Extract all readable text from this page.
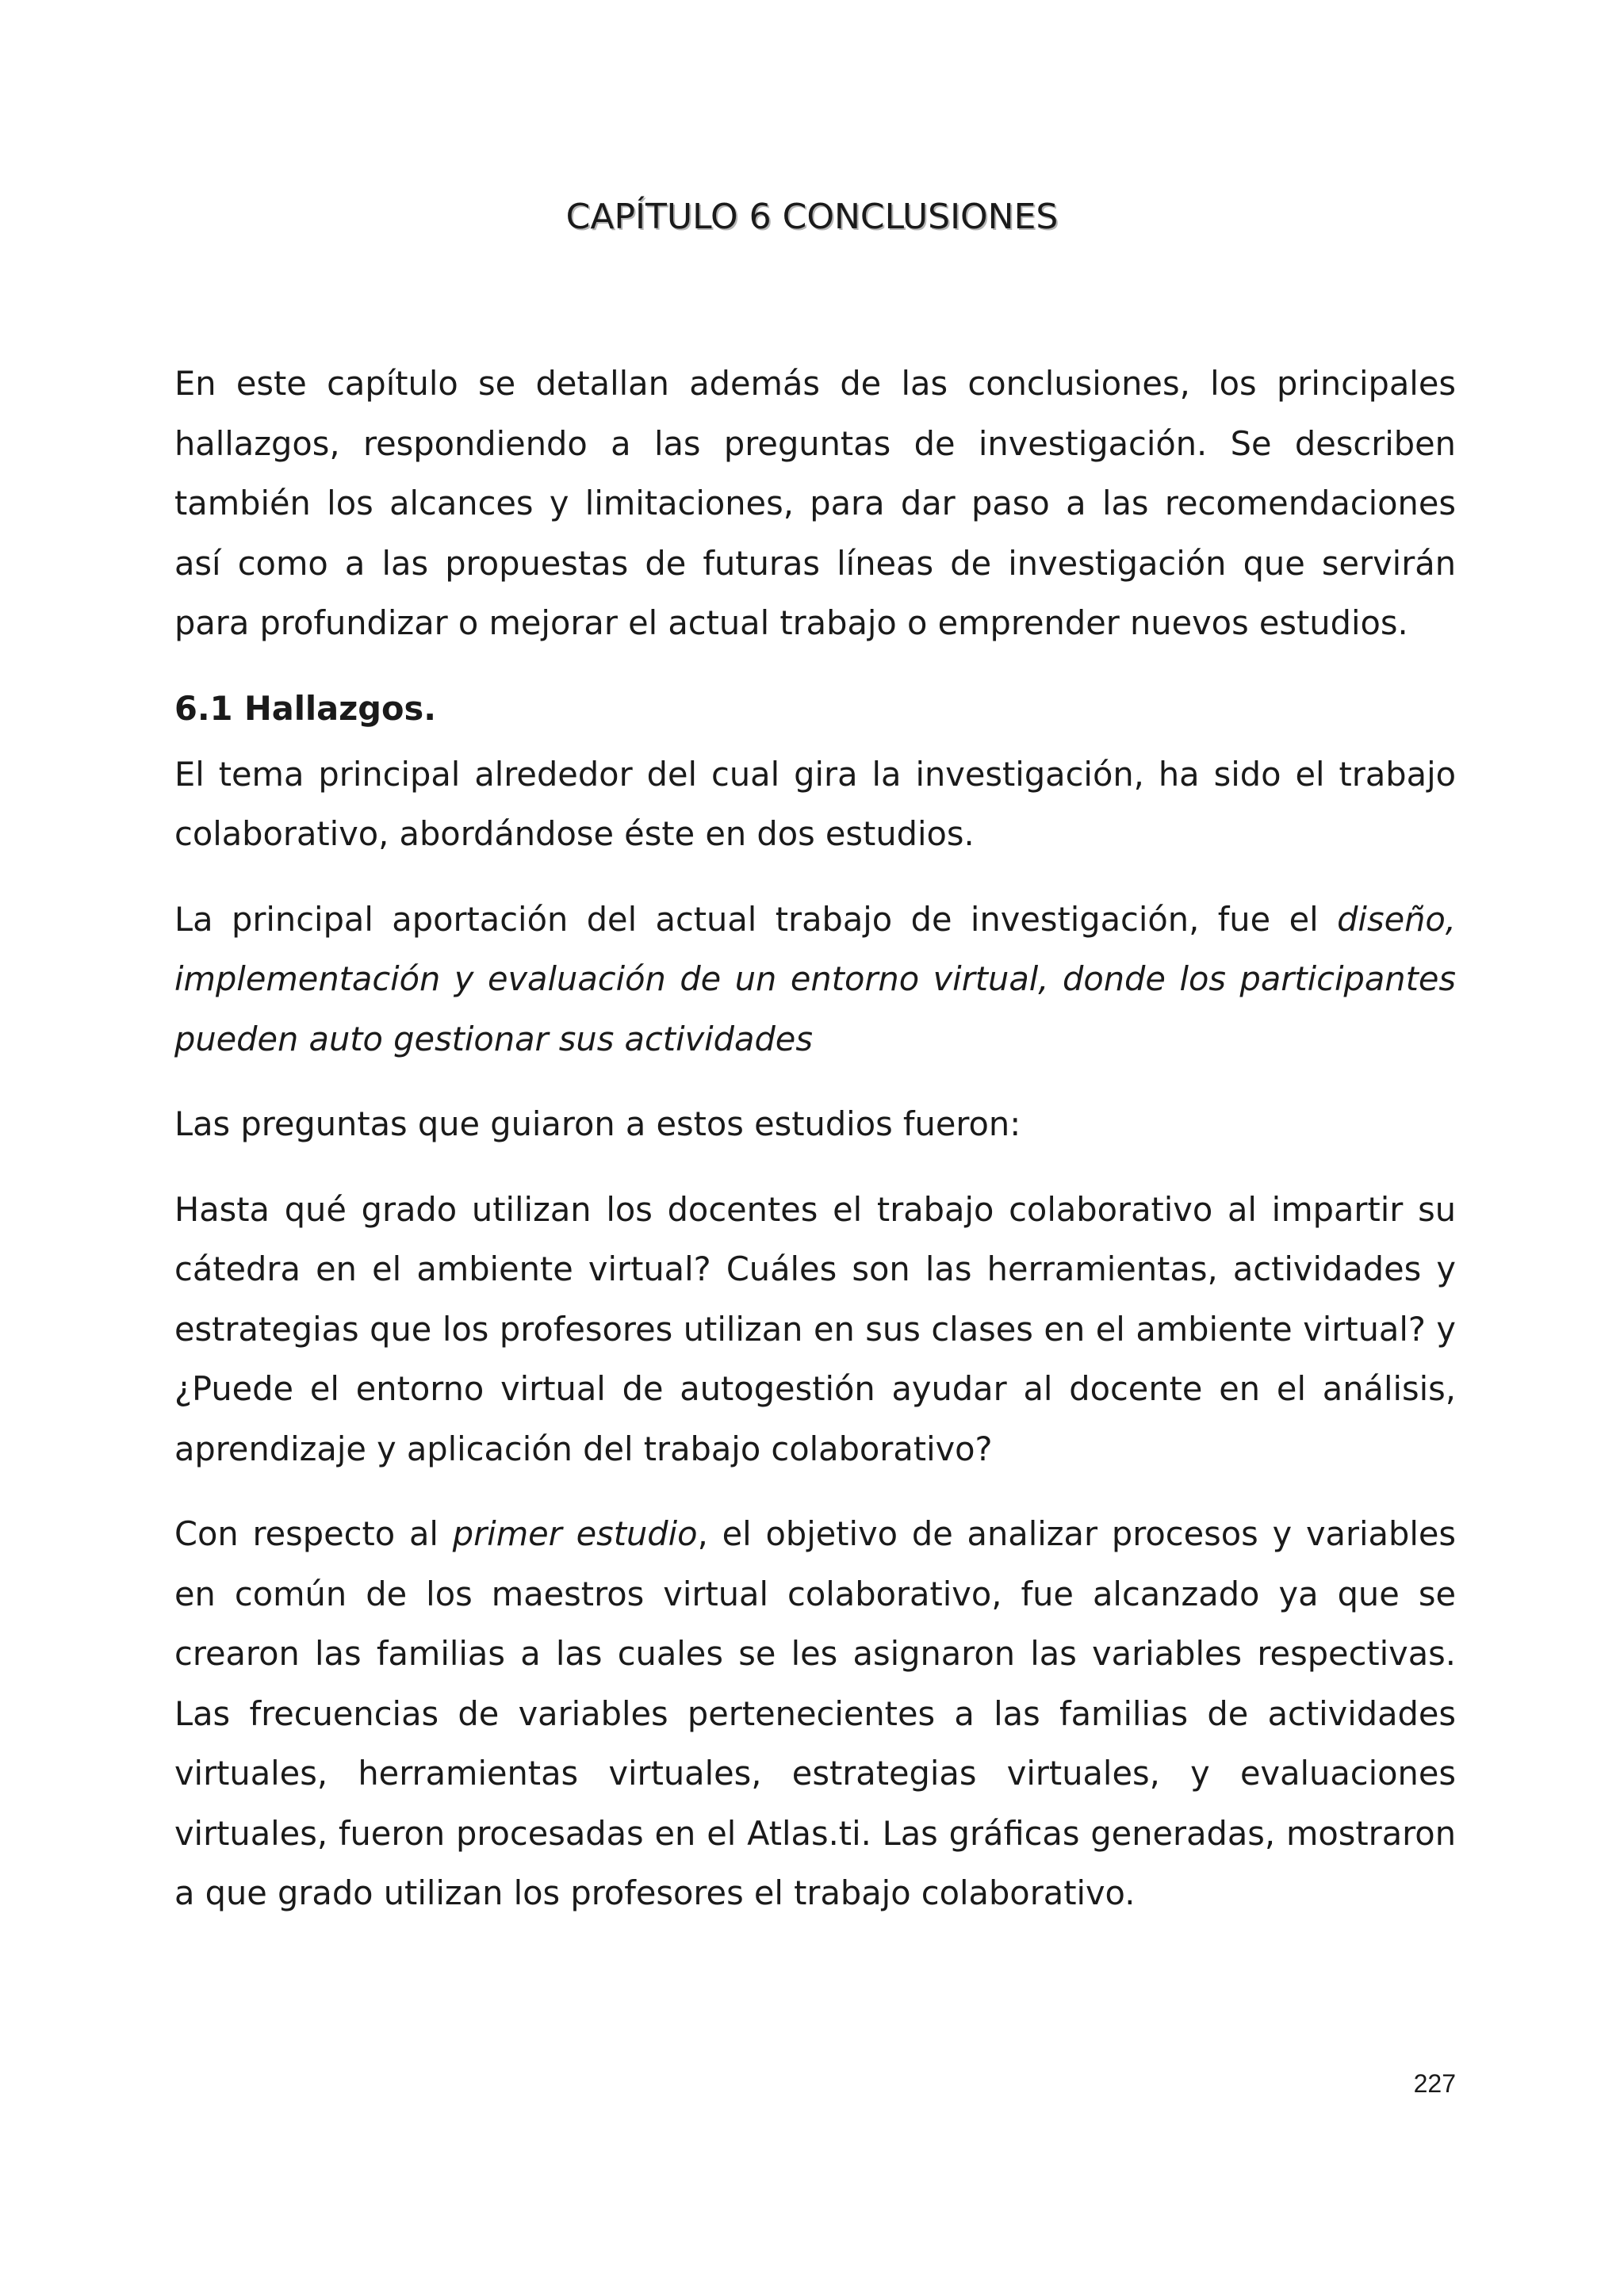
CAPÍTULO 6 CONCLUSIONES

En este capítulo se detallan además de las conclusiones, los principales hallazgos, respondiendo a las preguntas de investigación. Se describen también los alcances y limitaciones, para dar paso a las recomendaciones así como a las propuestas de futuras líneas de investigación que servirán para profundizar o mejorar el actual trabajo o emprender nuevos estudios.

6.1 Hallazgos.

El tema principal alrededor del cual gira la investigación, ha sido el trabajo colaborativo, abordándose éste en dos estudios.

La principal aportación del actual trabajo de investigación, fue el diseño, implementación y evaluación de un entorno virtual, donde los participantes pueden auto gestionar sus actividades

Las preguntas que guiaron a estos estudios fueron:

Hasta qué grado utilizan los docentes el trabajo colaborativo al impartir su cátedra en el ambiente virtual? Cuáles son las herramientas, actividades y estrategias que los profesores utilizan en sus clases en el ambiente virtual? y ¿Puede el entorno virtual de autogestión ayudar al docente en el análisis, aprendizaje y aplicación del trabajo colaborativo?

Con respecto al primer estudio, el objetivo de analizar procesos y variables en común de los maestros virtual colaborativo, fue alcanzado ya que se crearon las familias a las cuales se les asignaron las variables respectivas. Las frecuencias de variables pertenecientes a las familias de actividades virtuales, herramientas virtuales, estrategias virtuales, y evaluaciones virtuales, fueron procesadas en el Atlas.ti. Las gráficas generadas, mostraron a que grado utilizan los profesores el trabajo colaborativo.

227
